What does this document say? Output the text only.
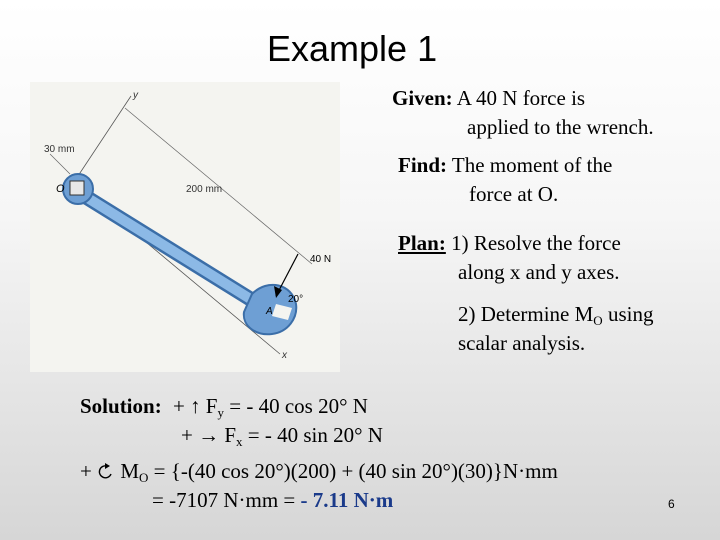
Example 1
y
x
200 mm
30 mm
O
A
40 N
20°
Given: A 40 N force is
applied to the wrench.
Find: The moment of the
force at O.
Plan: 1) Resolve the force
along x and y axes.
2) Determine $M_O$ using
scalar analysis.
Solution: + ↑ $F_y$ = - 40 cos 20° N
+ → $F_x$ = - 40 sin 20° N
+ $M_O = \{-(40$ cos 20°)(200) + (40 sin 20°)(30)}N·mm
= -7107 N·mm = - 7.11 N·m	6
